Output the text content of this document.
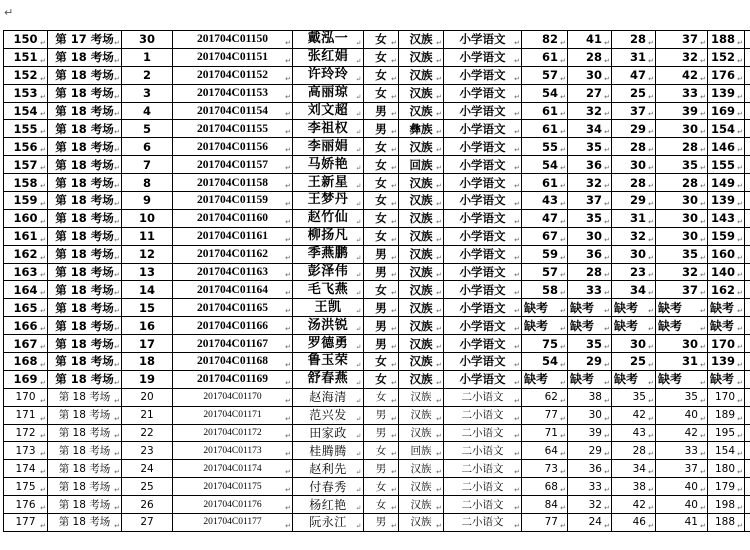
↵
150 ↵	第 17 考场 ↵	30	201704C01150 ↵	戴泓一 ↵	女 ↵	汉族 ↵	小学语文 ↵	82 ↵	41 ↵	28 ↵	37 ↵	188 ↵	

151 ↵	第 18 考场 ↵	1	201704C01151 ↵	张红娟 ↵	女 ↵	汉族 ↵	小学语文 ↵	61 ↵	28 ↵	31 ↵	32 ↵	152 ↵	

152 ↵	第 18 考场 ↵	2	201704C01152 ↵	许玲玲 ↵	女 ↵	汉族 ↵	小学语文 ↵	57 ↵	30 ↵	47 ↵	42 ↵	176 ↵	

153 ↵	第 18 考场 ↵	3	201704C01153 ↵	高丽琼 ↵	女 ↵	汉族 ↵	小学语文 ↵	54 ↵	27 ↵	25 ↵	33 ↵	139 ↵	

154 ↵	第 18 考场 ↵	4	201704C01154 ↵	刘文超 ↵	男 ↵	汉族 ↵	小学语文 ↵	61 ↵	32 ↵	37 ↵	39 ↵	169 ↵	

155 ↵	第 18 考场 ↵	5	201704C01155 ↵	李祖权 ↵	男 ↵	彝族 ↵	小学语文 ↵	61 ↵	34 ↵	29 ↵	30 ↵	154 ↵	

156 ↵	第 18 考场 ↵	6	201704C01156 ↵	李丽娟 ↵	女 ↵	汉族 ↵	小学语文 ↵	55 ↵	35 ↵	28 ↵	28 ↵	146 ↵	

157 ↵	第 18 考场 ↵	7	201704C01157 ↵	马娇艳 ↵	女 ↵	回族 ↵	小学语文 ↵	54 ↵	36 ↵	30 ↵	35 ↵	155 ↵	

158 ↵	第 18 考场 ↵	8	201704C01158 ↵	王新星 ↵	女 ↵	汉族 ↵	小学语文 ↵	61 ↵	32 ↵	28 ↵	28 ↵	149 ↵	

159 ↵	第 18 考场 ↵	9	201704C01159 ↵	王梦丹 ↵	女 ↵	汉族 ↵	小学语文 ↵	43 ↵	37 ↵	29 ↵	30 ↵	139 ↵	

160 ↵	第 18 考场 ↵	10	201704C01160 ↵	赵竹仙 ↵	女 ↵	汉族 ↵	小学语文 ↵	47 ↵	35 ↵	31 ↵	30 ↵	143 ↵	

161 ↵	第 18 考场 ↵	11	201704C01161 ↵	柳扬凡 ↵	女 ↵	汉族 ↵	小学语文 ↵	67 ↵	30 ↵	32 ↵	30 ↵	159 ↵	

162 ↵	第 18 考场 ↵	12	201704C01162 ↵	季燕鹏 ↵	男 ↵	汉族 ↵	小学语文 ↵	59 ↵	36 ↵	30 ↵	35 ↵	160 ↵	

163 ↵	第 18 考场 ↵	13	201704C01163 ↵	彭泽伟 ↵	男 ↵	汉族 ↵	小学语文 ↵	57 ↵	28 ↵	23 ↵	32 ↵	140 ↵	

164 ↵	第 18 考场 ↵	14	201704C01164 ↵	毛飞燕 ↵	女 ↵	汉族 ↵	小学语文 ↵	58 ↵	33 ↵	34 ↵	37 ↵	162 ↵	

165 ↵	第 18 考场 ↵	15	201704C01165 ↵	王凯 ↵	男 ↵	汉族 ↵	小学语文 ↵	缺考 ↵	缺考 ↵	缺考 ↵	缺考 ↵	缺考 ↵	

166 ↵	第 18 考场 ↵	16	201704C01166 ↵	汤洪锐 ↵	男 ↵	汉族 ↵	小学语文 ↵	缺考 ↵	缺考 ↵	缺考 ↵	缺考 ↵	缺考 ↵	

167 ↵	第 18 考场 ↵	17	201704C01167 ↵	罗德勇 ↵	男 ↵	汉族 ↵	小学语文 ↵	75 ↵	35 ↵	30 ↵	30 ↵	170 ↵	

168 ↵	第 18 考场 ↵	18	201704C01168 ↵	鲁玉荣 ↵	女 ↵	汉族 ↵	小学语文 ↵	54 ↵	29 ↵	25 ↵	31 ↵	139 ↵	

169 ↵	第 18 考场 ↵	19	201704C01169 ↵	舒春燕 ↵	女 ↵	汉族 ↵	小学语文 ↵	缺考 ↵	缺考 ↵	缺考 ↵	缺考 ↵	缺考 ↵	

170 ↵	第 18 考场 ↵	20	201704C01170 ↵	赵海清 ↵	女 ↵	汉族 ↵	二小语文 ↵	62 ↵	38 ↵	35 ↵	35 ↵	170 ↵	

171 ↵	第 18 考场 ↵	21	201704C01171 ↵	范兴发 ↵	男 ↵	汉族 ↵	二小语文 ↵	77 ↵	30 ↵	42 ↵	40 ↵	189 ↵	

172 ↵	第 18 考场 ↵	22	201704C01172 ↵	田家政 ↵	男 ↵	汉族 ↵	二小语文 ↵	71 ↵	39 ↵	43 ↵	42 ↵	195 ↵	

173 ↵	第 18 考场 ↵	23	201704C01173 ↵	桂腾腾 ↵	女 ↵	回族 ↵	二小语文 ↵	64 ↵	29 ↵	28 ↵	33 ↵	154 ↵	

174 ↵	第 18 考场 ↵	24	201704C01174 ↵	赵利先 ↵	男 ↵	汉族 ↵	二小语文 ↵	73 ↵	36 ↵	34 ↵	37 ↵	180 ↵	

175 ↵	第 18 考场 ↵	25	201704C01175 ↵	付春秀 ↵	女 ↵	汉族 ↵	二小语文 ↵	68 ↵	33 ↵	38 ↵	40 ↵	179 ↵	

176 ↵	第 18 考场 ↵	26	201704C01176 ↵	杨红艳 ↵	女 ↵	汉族 ↵	二小语文 ↵	84 ↵	32 ↵	42 ↵	40 ↵	198 ↵	

177 ↵	第 18 考场 ↵	27	201704C01177 ↵	阮永江 ↵	男 ↵	汉族 ↵	二小语文 ↵	77 ↵	24 ↵	46 ↵	41 ↵	188 ↵	
